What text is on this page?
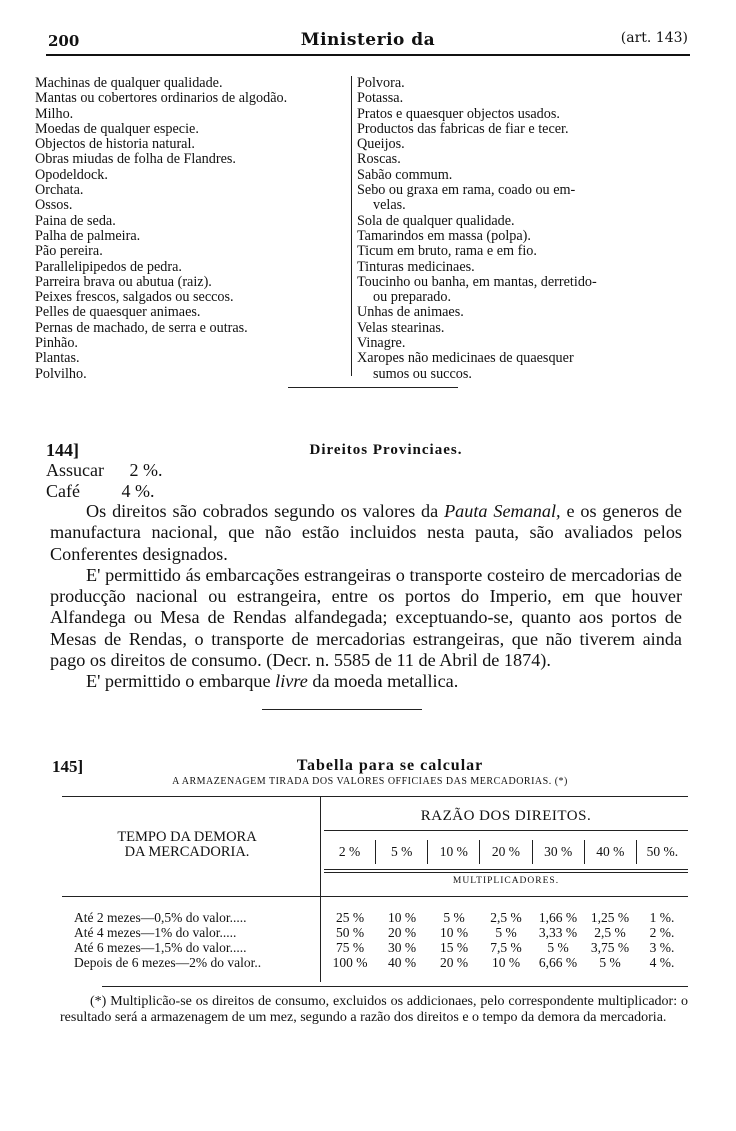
200	Ministerio da	(art. 143)
Machinas de qualquer qualidade.
Mantas ou cobertores ordinarios de algodão.
Milho.
Moedas de qualquer especie.
Objectos de historia natural.
Obras miudas de folha de Flandres.
Opodeldock.
Orchata.
Ossos.
Paina de seda.
Palha de palmeira.
Pão pereira.
Parallelipipedos de pedra.
Parreira brava ou abutua (raiz).
Peixes frescos, salgados ou seccos.
Pelles de quaesquer animaes.
Pernas de machado, de serra e outras.
Pinhão.
Plantas.
Polvilho.
Polvora.
Potassa.
Pratos e quaesquer objectos usados.
Productos das fabricas de fiar e tecer.
Queijos.
Roscas.
Sabão commum.
Sebo ou graxa em rama, coado ou em-
velas.
Sola de qualquer qualidade.
Tamarindos em massa (polpa).
Ticum em bruto, rama e em fio.
Tinturas medicinaes.
Toucinho ou banha, em mantas, derretido-
ou preparado.
Unhas de animaes.
Velas stearinas.
Vinagre.
Xaropes não medicinaes de quaesquer
sumos ou succos.
144]	Direitos Provinciaes.
Assucar 2 %.
Café 4 %.

Os direitos são cobrados segundo os valores da Pauta Semanal, e os generos de manufactura nacional, que não estão incluidos nesta pauta, são avaliados pelos Conferentes designados.

E' permittido ás embarcações estrangeiras o transporte costeiro de mercadorias de producção nacional ou estrangeira, entre os portos do Imperio, em que houver Alfandega ou Mesa de Rendas alfandegada; exceptuando-se, quanto aos portos de Mesas de Rendas, o transporte de mercadorias estrangeiras, que não tiverem ainda pago os direitos de consumo. (Decr. n. 5585 de 11 de Abril de 1874).

E' permittido o embarque livre da moeda metallica.

145]	Tabella para se calcular
A ARMAZENAGEM TIRADA DOS VALORES OFFICIAES DAS MERCADORIAS. (*)
TEMPO DA DEMORA
DA MERCADORIA.
RAZÃO DOS DIREITOS.
2 %	5 %	10 %	20 %	30 %	40 %	50 %.
MULTIPLICADORES.
Até 2 mezes—0,5% do valor.....	25 %	10 %	5 %	2,5 %	1,66 %	1,25 %	1 %.
Até 4 mezes—1% do valor.....	50 %	20 %	10 %	5 %	3,33 %	2,5 %	2 %.
Até 6 mezes—1,5% do valor.....	75 %	30 %	15 %	7,5 %	5 %	3,75 %	3 %.
Depois de 6 mezes—2% do valor..	100 %	40 %	20 %	10 %	6,66 %	5 %	4 %.

(*) Multiplicão-se os direitos de consumo, excluidos os addicionaes, pelo correspondente multiplicador: o resultado será a armazenagem de um mez, segundo a razão dos direitos e o tempo da demora da mercadoria.
